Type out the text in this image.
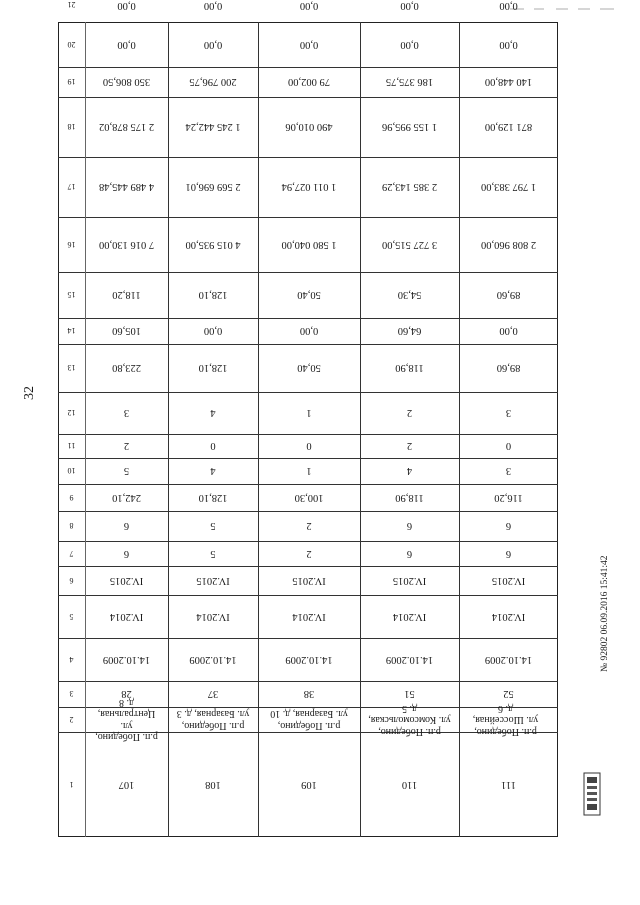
32
1
2
3
4
5
6
7
8
9
10
11
12
13
14
15
16
17
18
19
20
21
107
р.п. Победино,
ул. Центральная,
д. 8
28
14.10.2009
IV.2014
IV.2015
6
6
242,10
5
2
3
223,80
105,60
118,20
7 016 130,00
4 489 445,48
2 175 878,02
350 806,50
0,00
0,00
108
р.п. Победино,
ул. Базарная, д. 3
37
14.10.2009
IV.2014
IV.2015
5
5
128,10
4
0
4
128,10
0,00
128,10
4 015 935,00
2 569 696,01
1 245 442,24
200 796,75
0,00
0,00
109
р.п. Победино,
ул. Базарная, д. 10
38
14.10.2009
IV.2014
IV.2015
2
2
100,30
1
0
1
50,40
0,00
50,40
1 580 040,00
1 011 027,94
490 010,06
79 002,00
0,00
0,00
110
р.п. Победино,
ул. Комсомольская,
д. 5
51
14.10.2009
IV.2014
IV.2015
6
6
118,90
4
2
2
118,90
64,60
54,30
3 727 515,00
2 385 143,29
1 155 995,96
186 375,75
0,00
0,00
111
р.п. Победино,
ул. Шоссейная,
д. 6
52
14.10.2009
IV.2014
IV.2015
6
6
116,20
3
0
3
89,60
0,00
89,60
2 808 960,00
1 797 383,00
871 129,00
140 448,00
0,00
0,00
№ 92802 06.09.2016 15:41:42
